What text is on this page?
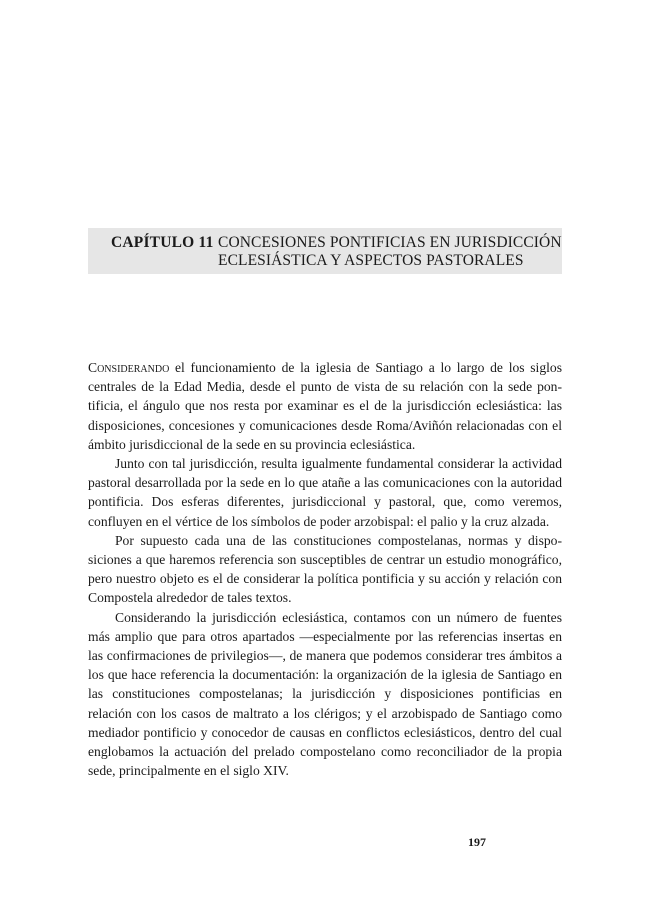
CAPÍTULO 11 CONCESIONES PONTIFICIAS EN JURISDICCIÓN
ECLESIÁSTICA Y ASPECTOS PASTORALES

Considerando el funcionamiento de la iglesia de Santiago a lo largo de los siglos centrales de la Edad Media, desde el punto de vista de su relación con la sede pontificia, el ángulo que nos resta por examinar es el de la jurisdicción eclesiástica: las disposiciones, concesiones y comunicaciones desde Roma/Aviñón relacionadas con el ámbito jurisdiccional de la sede en su provincia eclesiástica.

Junto con tal jurisdicción, resulta igualmente fundamental considerar la actividad pastoral desarrollada por la sede en lo que atañe a las comunicaciones con la autoridad pontificia. Dos esferas diferentes, jurisdiccional y pastoral, que, como veremos, confluyen en el vértice de los símbolos de poder arzobispal: el palio y la cruz alzada.

Por supuesto cada una de las constituciones compostelanas, normas y disposiciones a que haremos referencia son susceptibles de centrar un estudio monográfico, pero nuestro objeto es el de considerar la política pontificia y su acción y relación con Compostela alrededor de tales textos.

Considerando la jurisdicción eclesiástica, contamos con un número de fuentes más amplio que para otros apartados —especialmente por las referencias insertas en las confirmaciones de privilegios—, de manera que podemos considerar tres ámbitos a los que hace referencia la documentación: la organización de la iglesia de Santiago en las constituciones compostelanas; la jurisdicción y disposiciones pontificias en relación con los casos de maltrato a los clérigos; y el arzobispado de Santiago como mediador pontificio y conocedor de causas en conflictos eclesiásticos, dentro del cual englobamos la actuación del prelado compostelano como reconciliador de la propia sede, principalmente en el siglo XIV.

197
